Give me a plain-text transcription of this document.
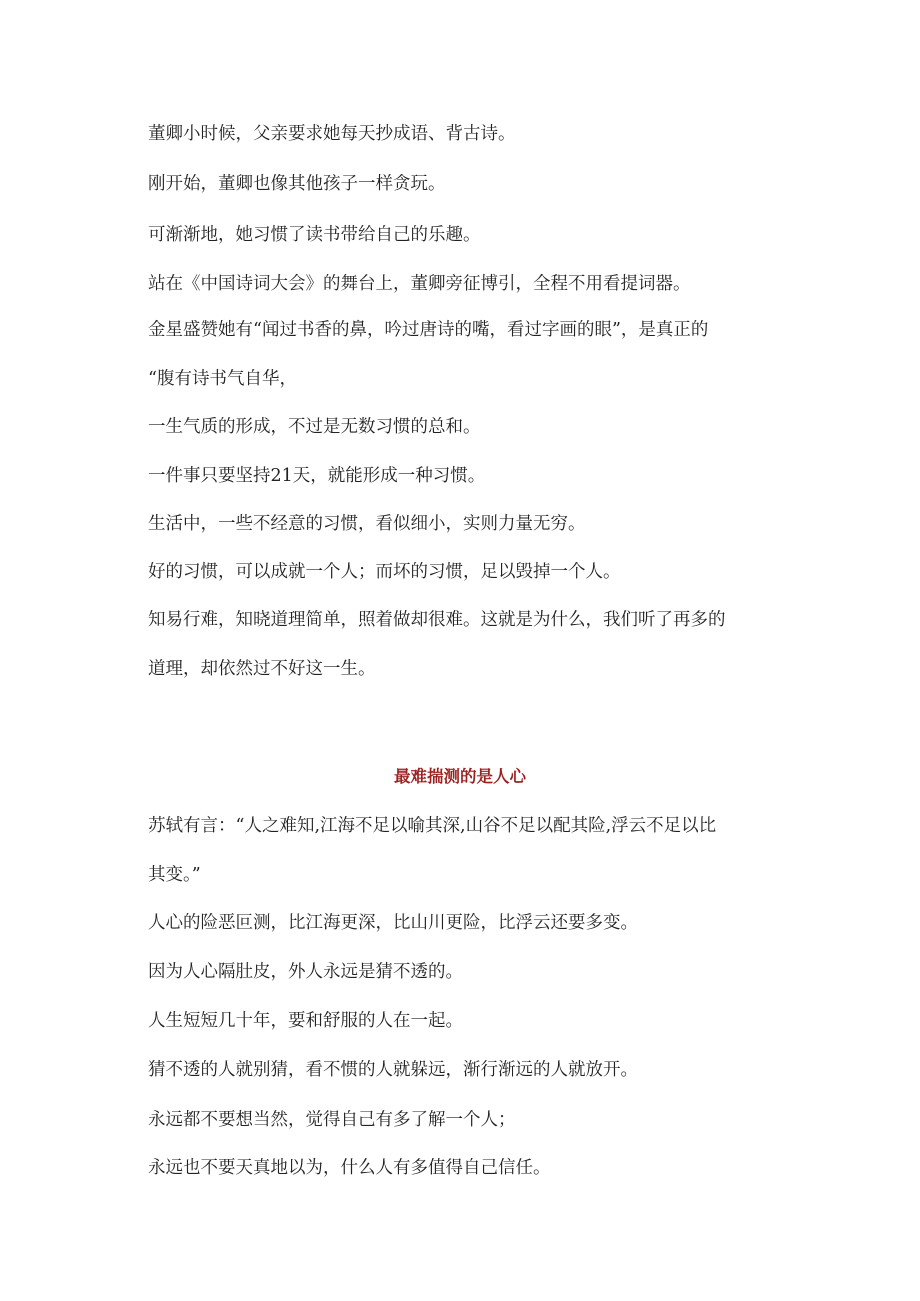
董卿小时候，父亲要求她每天抄成语、背古诗。

刚开始，董卿也像其他孩子一样贪玩。

可渐渐地，她习惯了读书带给自己的乐趣。

站在《中国诗词大会》的舞台上，董卿旁征博引，全程不用看提词器。

金星盛赞她有“闻过书香的鼻，吟过唐诗的嘴，看过字画的眼”，是真正的

“腹有诗书气自华，

一生气质的形成，不过是无数习惯的总和。

一件事只要坚持21天，就能形成一种习惯。

生活中，一些不经意的习惯，看似细小，实则力量无穷。

好的习惯，可以成就一个人；而坏的习惯，足以毁掉一个人。

知易行难，知晓道理简单，照着做却很难。这就是为什么，我们听了再多的

道理，却依然过不好这一生。

最难揣测的是人心

苏轼有言：“人之难知,江海不足以喻其深,山谷不足以配其险,浮云不足以比

其变。”

人心的险恶叵测，比江海更深，比山川更险，比浮云还要多变。

因为人心隔肚皮，外人永远是猜不透的。

人生短短几十年，要和舒服的人在一起。

猜不透的人就别猜，看不惯的人就躲远，渐行渐远的人就放开。

永远都不要想当然，觉得自己有多了解一个人；

永远也不要天真地以为，什么人有多值得自己信任。
